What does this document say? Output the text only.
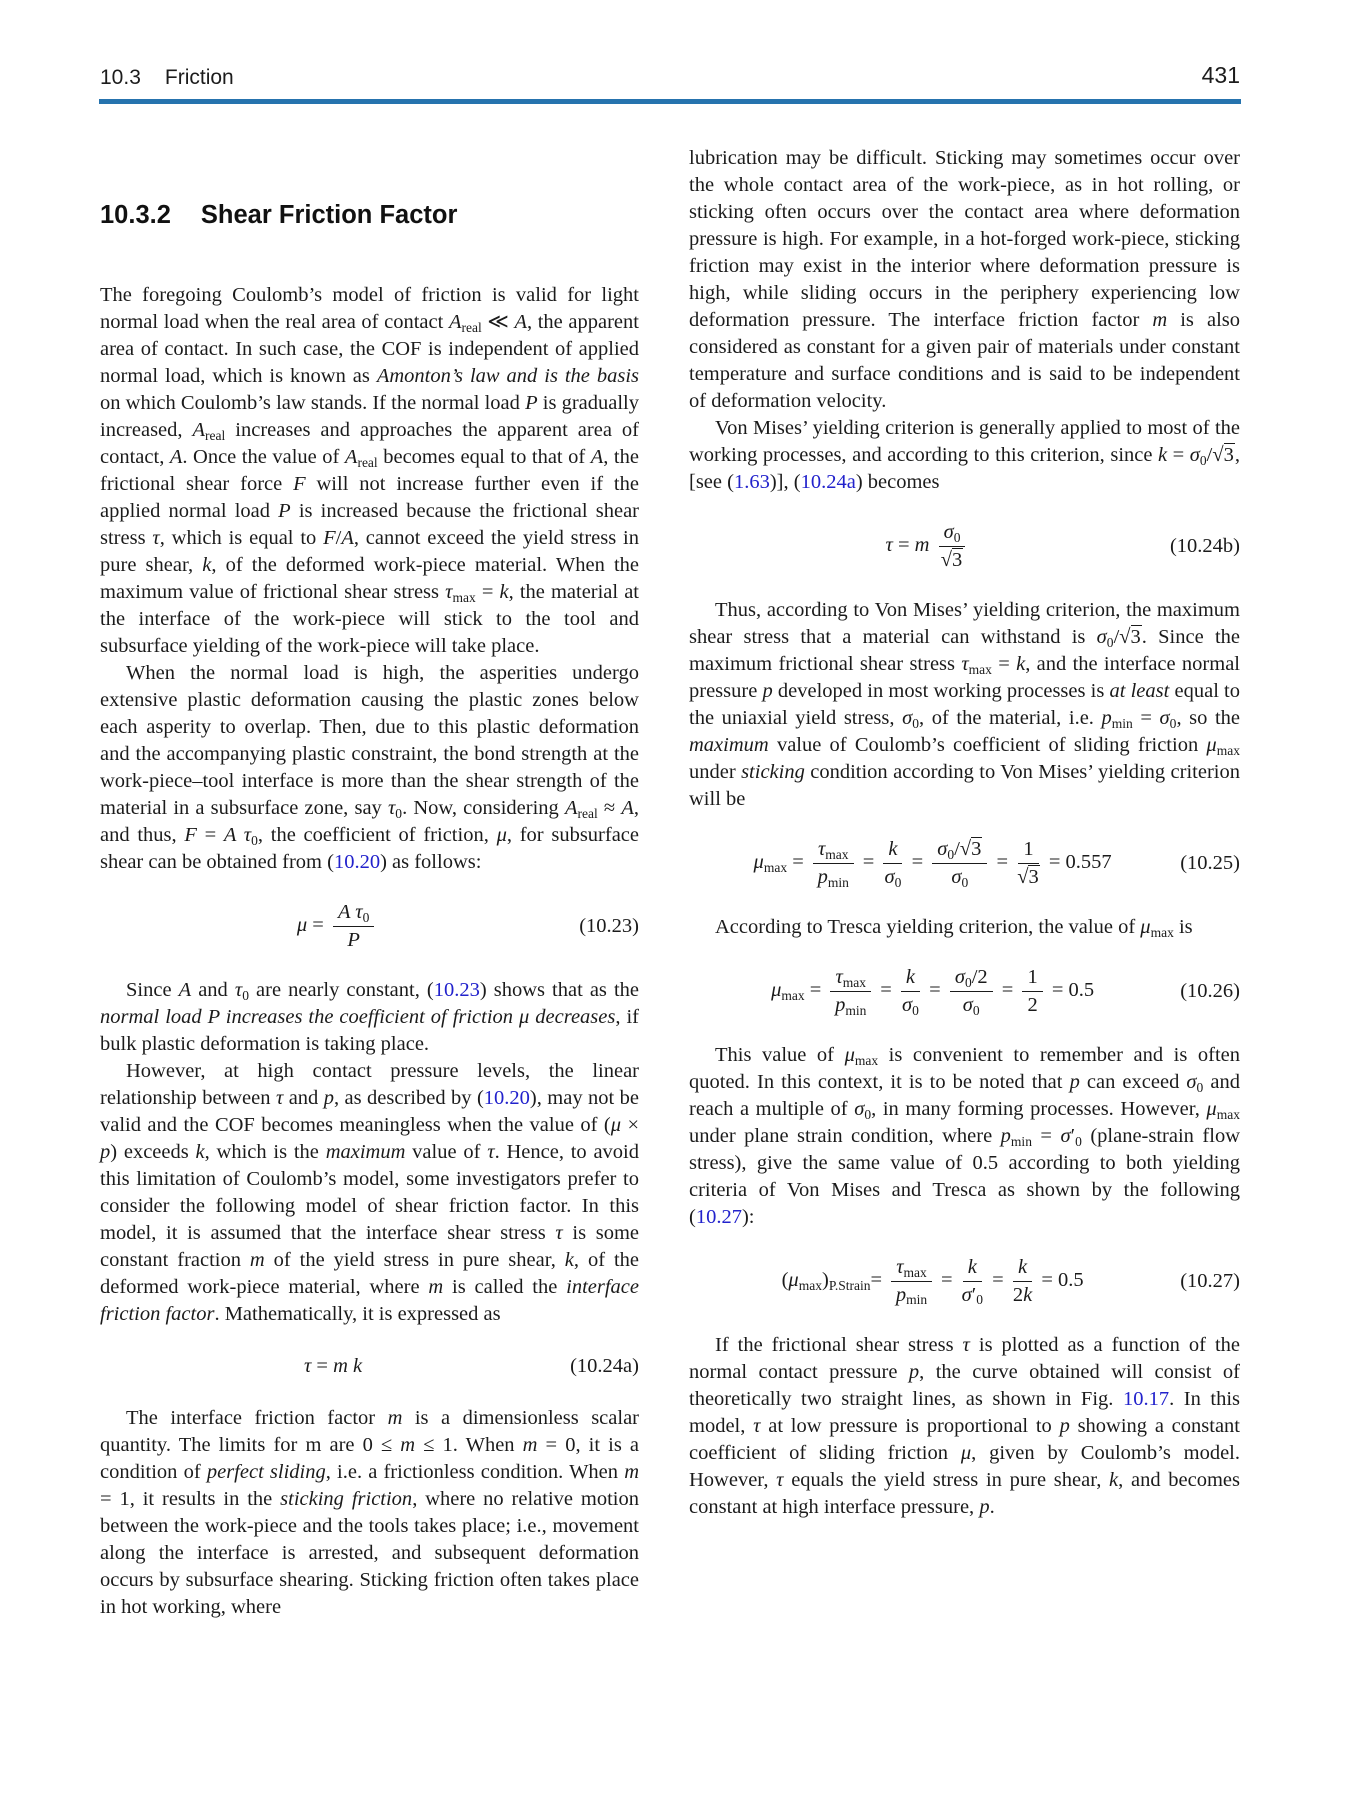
10.3 Friction	431
10.3.2 Shear Friction Factor

The foregoing Coulomb’s model of friction is valid for light normal load when the real area of contact $A_{real}$ ≪ A, the apparent area of contact. In such case, the COF is independent of applied normal load, which is known as Amonton’s law and is the basis on which Coulomb’s law stands. If the normal load P is gradually increased, $A_{real}$ increases and approaches the apparent area of contact, A. Once the value of $A_{real}$ becomes equal to that of A, the frictional shear force F will not increase further even if the applied normal load P is increased because the frictional shear stress τ, which is equal to F/A, cannot exceed the yield stress in pure shear, k, of the deformed work-piece material. When the maximum value of frictional shear stress $\tau_{max} = k$, the material at the interface of the work-piece will stick to the tool and subsurface yielding of the work-piece will take place.

When the normal load is high, the asperities undergo extensive plastic deformation causing the plastic zones below each asperity to overlap. Then, due to this plastic deformation and the accompanying plastic constraint, the bond strength at the work-piece–tool interface is more than the shear strength of the material in a subsurface zone, say $\tau_0$. Now, considering $A_{real} \approx A$, and thus, F = A $\tau_0$, the coefficient of friction, μ, for subsurface shear can be obtained from (10.20) as follows:

$\mu = \frac{A \tau_0}{P}$	(10.23)

Since A and $\tau_0$ are nearly constant, (10.23) shows that as the normal load P increases the coefficient of friction μ decreases, if bulk plastic deformation is taking place.

However, at high contact pressure levels, the linear relationship between τ and p, as described by (10.20), may not be valid and the COF becomes meaningless when the value of (μ × p) exceeds k, which is the maximum value of τ. Hence, to avoid this limitation of Coulomb’s model, some investigators prefer to consider the following model of shear friction factor. In this model, it is assumed that the interface shear stress τ is some constant fraction m of the yield stress in pure shear, k, of the deformed work-piece material, where m is called the interface friction factor. Mathematically, it is expressed as

τ = m k	(10.24a)

The interface friction factor m is a dimensionless scalar quantity. The limits for m are 0 ≤ m ≤ 1. When m = 0, it is a condition of perfect sliding, i.e. a frictionless condition. When m = 1, it results in the sticking friction, where no relative motion between the work-piece and the tools takes place; i.e., movement along the interface is arrested, and subsequent deformation occurs by subsurface shearing. Sticking friction often takes place in hot working, where

lubrication may be difficult. Sticking may sometimes occur over the whole contact area of the work-piece, as in hot rolling, or sticking often occurs over the contact area where deformation pressure is high. For example, in a hot-forged work-piece, sticking friction may exist in the interior where deformation pressure is high, while sliding occurs in the periphery experiencing low deformation pressure. The interface friction factor m is also considered as constant for a given pair of materials under constant temperature and surface conditions and is said to be independent of deformation velocity.

Von Mises’ yielding criterion is generally applied to most of the working processes, and according to this criterion, since $k = \sigma_0/√3$, [see (1.63)], (10.24a) becomes

τ = m $\frac{\sigma_0}{√3}$	(10.24b)

Thus, according to Von Mises’ yielding criterion, the maximum shear stress that a material can withstand is $\sigma_0/√3$. Since the maximum frictional shear stress $\tau_{max} = k$, and the interface normal pressure p developed in most working processes is at least equal to the uniaxial yield stress, $\sigma_0$, of the material, i.e. $p_{min} = \sigma_0$, so the maximum value of Coulomb’s coefficient of sliding friction $\mu_{max}$ under sticking condition according to Von Mises’ yielding criterion will be

$\mu_{max} = \frac{\tau_{max}}{p_{min}} = \frac{k}{\sigma_0} = \frac{\sigma_0/√3}{\sigma_0} = \frac{1}{√3} = 0.557$	(10.25)

According to Tresca yielding criterion, the value of $\mu_{max}$ is

$\mu_{max} = \frac{\tau_{max}}{p_{min}} = \frac{k}{\sigma_0} = \frac{\sigma_0/2}{\sigma_0} = \frac{1}{2} = 0.5$	(10.26)

This value of $\mu_{max}$ is convenient to remember and is often quoted. In this context, it is to be noted that p can exceed $\sigma_0$ and reach a multiple of $\sigma_0$, in many forming processes. However, $\mu_{max}$ under plane strain condition, where $p_{min} = \sigma'_0$ (plane-strain flow stress), give the same value of 0.5 according to both yielding criteria of Von Mises and Tresca as shown by the following (10.27):

$(\mu_{max})_{P.Strain}= \frac{\tau_{max}}{p_{min}} = \frac{k}{\sigma'_0} = \frac{k}{2k} = 0.5$	(10.27)

If the frictional shear stress τ is plotted as a function of the normal contact pressure p, the curve obtained will consist of theoretically two straight lines, as shown in Fig. 10.17. In this model, τ at low pressure is proportional to p showing a constant coefficient of sliding friction μ, given by Coulomb’s model. However, τ equals the yield stress in pure shear, k, and becomes constant at high interface pressure, p.
